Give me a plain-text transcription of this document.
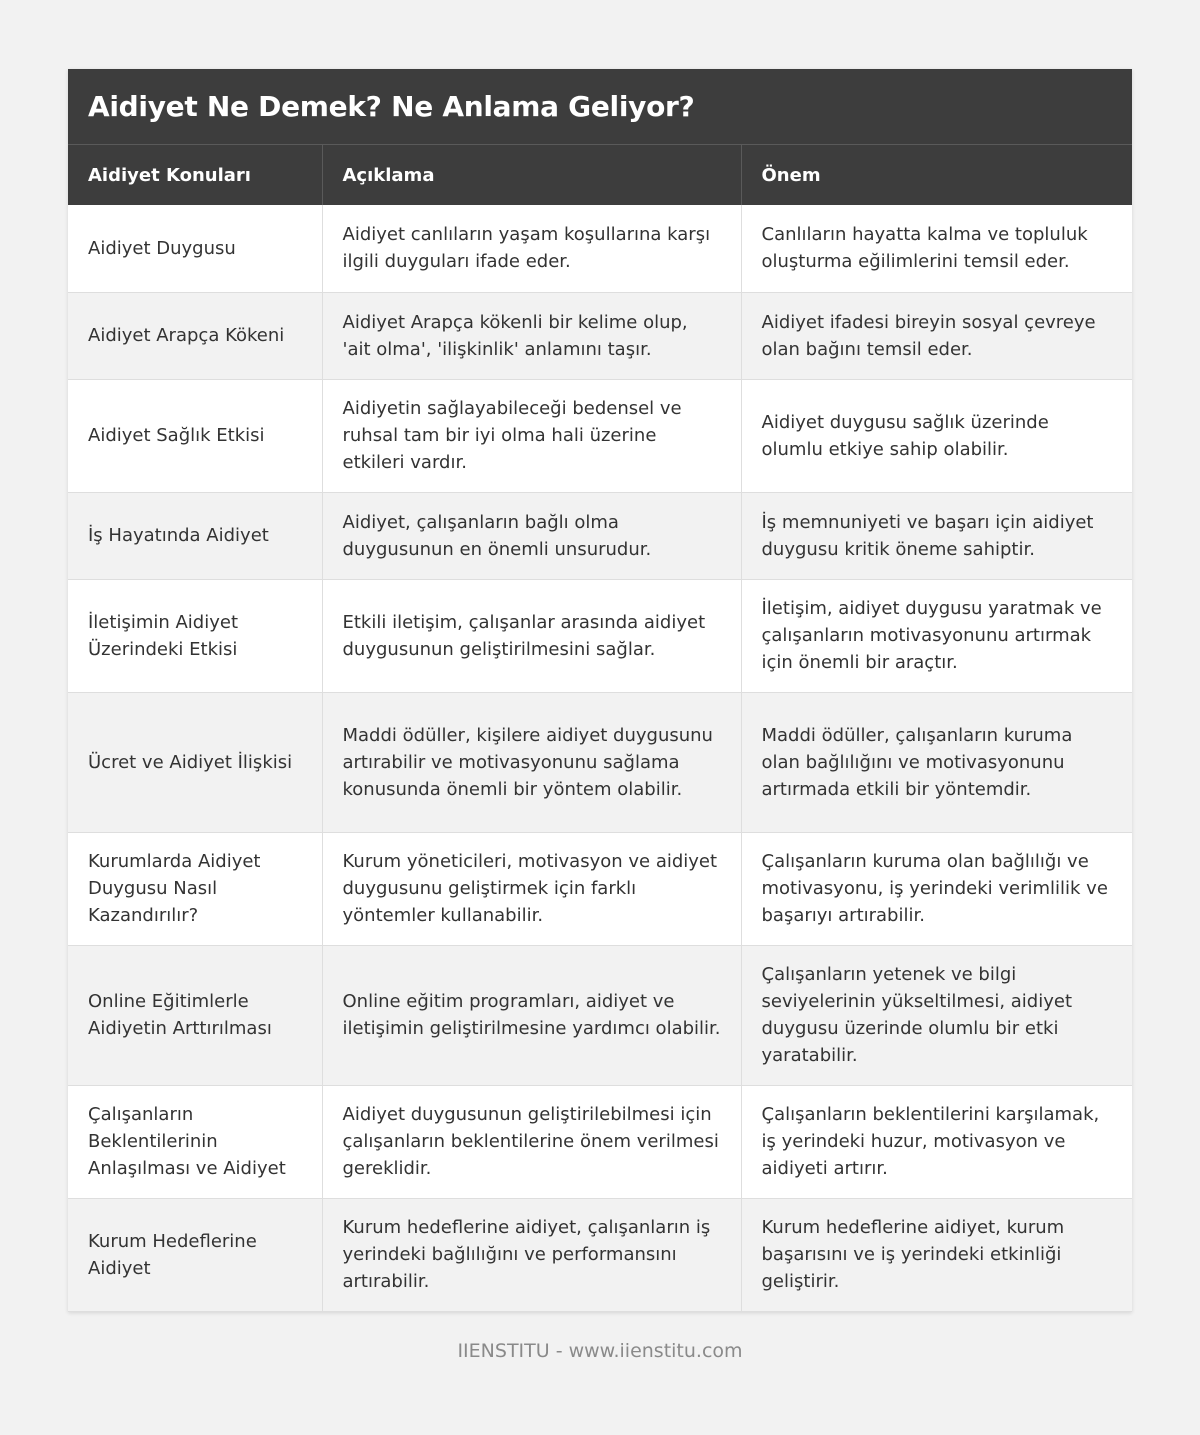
Aidiyet Ne Demek? Ne Anlama Geliyor?
Aidiyet Konuları	Açıklama	Önem
Aidiyet Duygusu	Aidiyet canlıların yaşam koşullarına karşı ilgili duyguları ifade eder.	Canlıların hayatta kalma ve topluluk oluşturma eğilimlerini temsil eder.
Aidiyet Arapça Kökeni	Aidiyet Arapça kökenli bir kelime olup, 'ait olma', 'ilişkinlik' anlamını taşır.	Aidiyet ifadesi bireyin sosyal çevreye olan bağını temsil eder.
Aidiyet Sağlık Etkisi	Aidiyetin sağlayabileceği bedensel ve ruhsal tam bir iyi olma hali üzerine etkileri vardır.	Aidiyet duygusu sağlık üzerinde olumlu etkiye sahip olabilir.
İş Hayatında Aidiyet	Aidiyet, çalışanların bağlı olma duygusunun en önemli unsurudur.	İş memnuniyeti ve başarı için aidiyet duygusu kritik öneme sahiptir.
İletişimin Aidiyet Üzerindeki Etkisi	Etkili iletişim, çalışanlar arasında aidiyet duygusunun geliştirilmesini sağlar.	İletişim, aidiyet duygusu yaratmak ve çalışanların motivasyonunu artırmak için önemli bir araçtır.
Ücret ve Aidiyet İlişkisi	Maddi ödüller, kişilere aidiyet duygusunu artırabilir ve motivasyonunu sağlama konusunda önemli bir yöntem olabilir.	Maddi ödüller, çalışanların kuruma olan bağlılığını ve motivasyonunu artırmada etkili bir yöntemdir.
Kurumlarda Aidiyet Duygusu Nasıl Kazandırılır?	Kurum yöneticileri, motivasyon ve aidiyet duygusunu geliştirmek için farklı yöntemler kullanabilir.	Çalışanların kuruma olan bağlılığı ve motivasyonu, iş yerindeki verimlilik ve başarıyı artırabilir.
Online Eğitimlerle Aidiyetin Arttırılması	Online eğitim programları, aidiyet ve iletişimin geliştirilmesine yardımcı olabilir.	Çalışanların yetenek ve bilgi seviyelerinin yükseltilmesi, aidiyet duygusu üzerinde olumlu bir etki yaratabilir.
Çalışanların Beklentilerinin Anlaşılması ve Aidiyet	Aidiyet duygusunun geliştirilebilmesi için çalışanların beklentilerine önem verilmesi gereklidir.	Çalışanların beklentilerini karşılamak, iş yerindeki huzur, motivasyon ve aidiyeti artırır.
Kurum Hedeflerine Aidiyet	Kurum hedeflerine aidiyet, çalışanların iş yerindeki bağlılığını ve performansını artırabilir.	Kurum hedeflerine aidiyet, kurum başarısını ve iş yerindeki etkinliği geliştirir.
IIENSTITU - www.iienstitu.com
